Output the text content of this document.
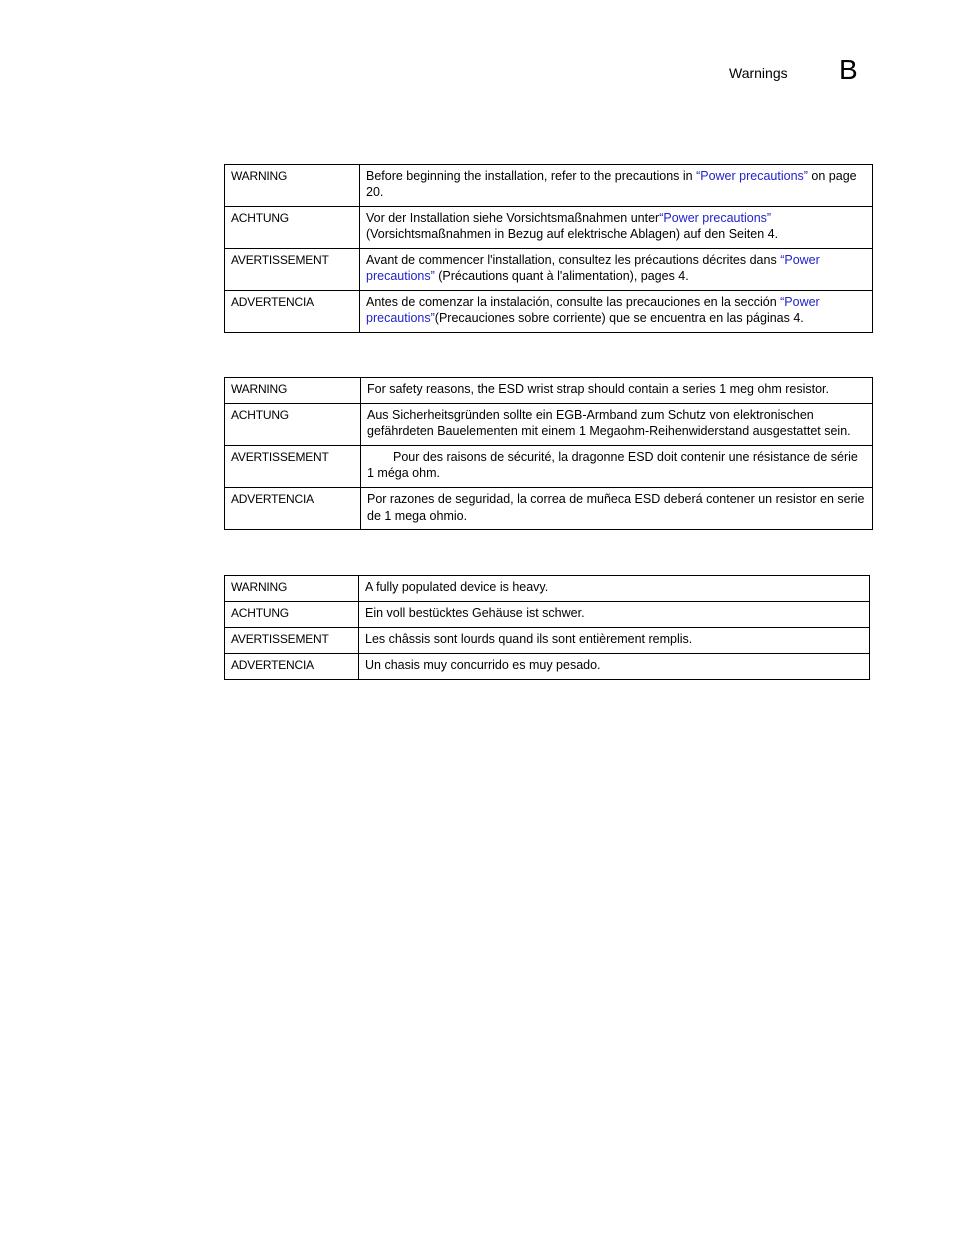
Warnings B
WARNING	Before beginning the installation, refer to the precautions in “Power precautions” on page 20.
ACHTUNG	Vor der Installation siehe Vorsichtsmaßnahmen unter“Power precautions” (Vorsichtsmaßnahmen in Bezug auf elektrische Ablagen) auf den Seiten 4.
AVERTISSEMENT	Avant de commencer l'installation, consultez les précautions décrites dans “Power precautions” (Précautions quant à l'alimentation), pages 4.
ADVERTENCIA	Antes de comenzar la instalación, consulte las precauciones en la sección “Power precautions”(Precauciones sobre corriente) que se encuentra en las páginas 4.
WARNING	For safety reasons, the ESD wrist strap should contain a series 1 meg ohm resistor.
ACHTUNG	Aus Sicherheitsgründen sollte ein EGB-Armband zum Schutz von elektronischen gefährdeten Bauelementen mit einem 1 Megaohm-Reihenwiderstand ausgestattet sein.
AVERTISSEMENT	Pour des raisons de sécurité, la dragonne ESD doit contenir une résistance de série 1 méga ohm.
ADVERTENCIA	Por razones de seguridad, la correa de muñeca ESD deberá contener un resistor en serie de 1 mega ohmio.
WARNING	A fully populated device is heavy.
ACHTUNG	Ein voll bestücktes Gehäuse ist schwer.
AVERTISSEMENT	Les châssis sont lourds quand ils sont entièrement remplis.
ADVERTENCIA	Un chasis muy concurrido es muy pesado.
